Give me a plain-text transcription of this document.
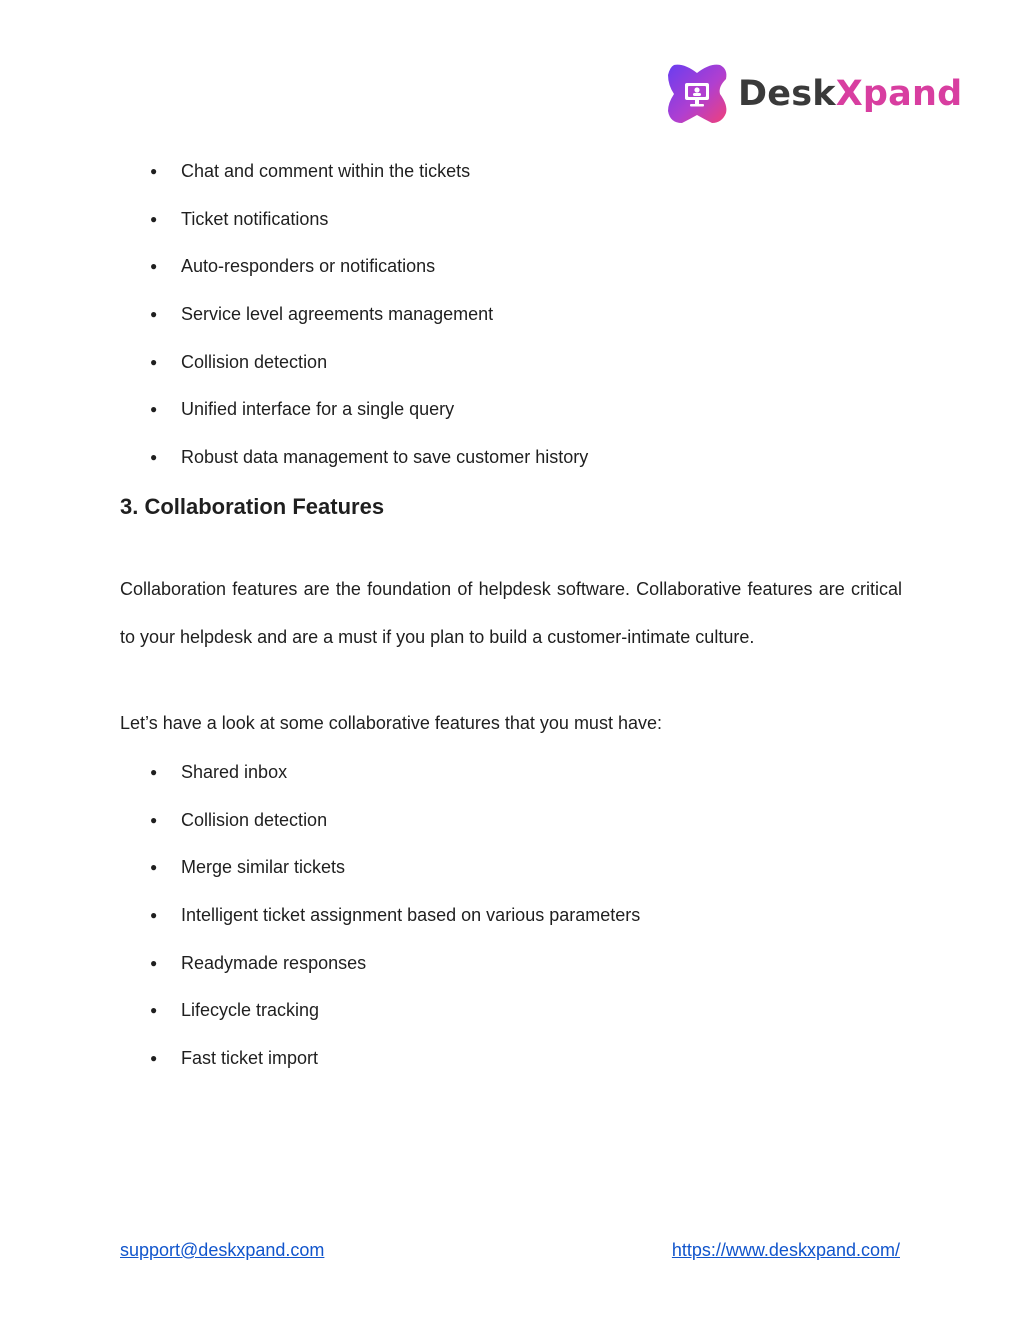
DeskXpand
●	Chat and comment within the tickets
●	Ticket notifications
●	Auto-responders or notifications
●	Service level agreements management
●	Collision detection
●	Unified interface for a single query
●	Robust data management to save customer history
3. Collaboration Features

Collaboration features are the foundation of helpdesk software. Collaborative features are critical to your helpdesk and are a must if you plan to build a customer-intimate culture.

Let’s have a look at some collaborative features that you must have:

●	Shared inbox
●	Collision detection
●	Merge similar tickets
●	Intelligent ticket assignment based on various parameters
●	Readymade responses
●	Lifecycle tracking
●	Fast ticket import
support@deskxpand.com	https://www.deskxpand.com/
